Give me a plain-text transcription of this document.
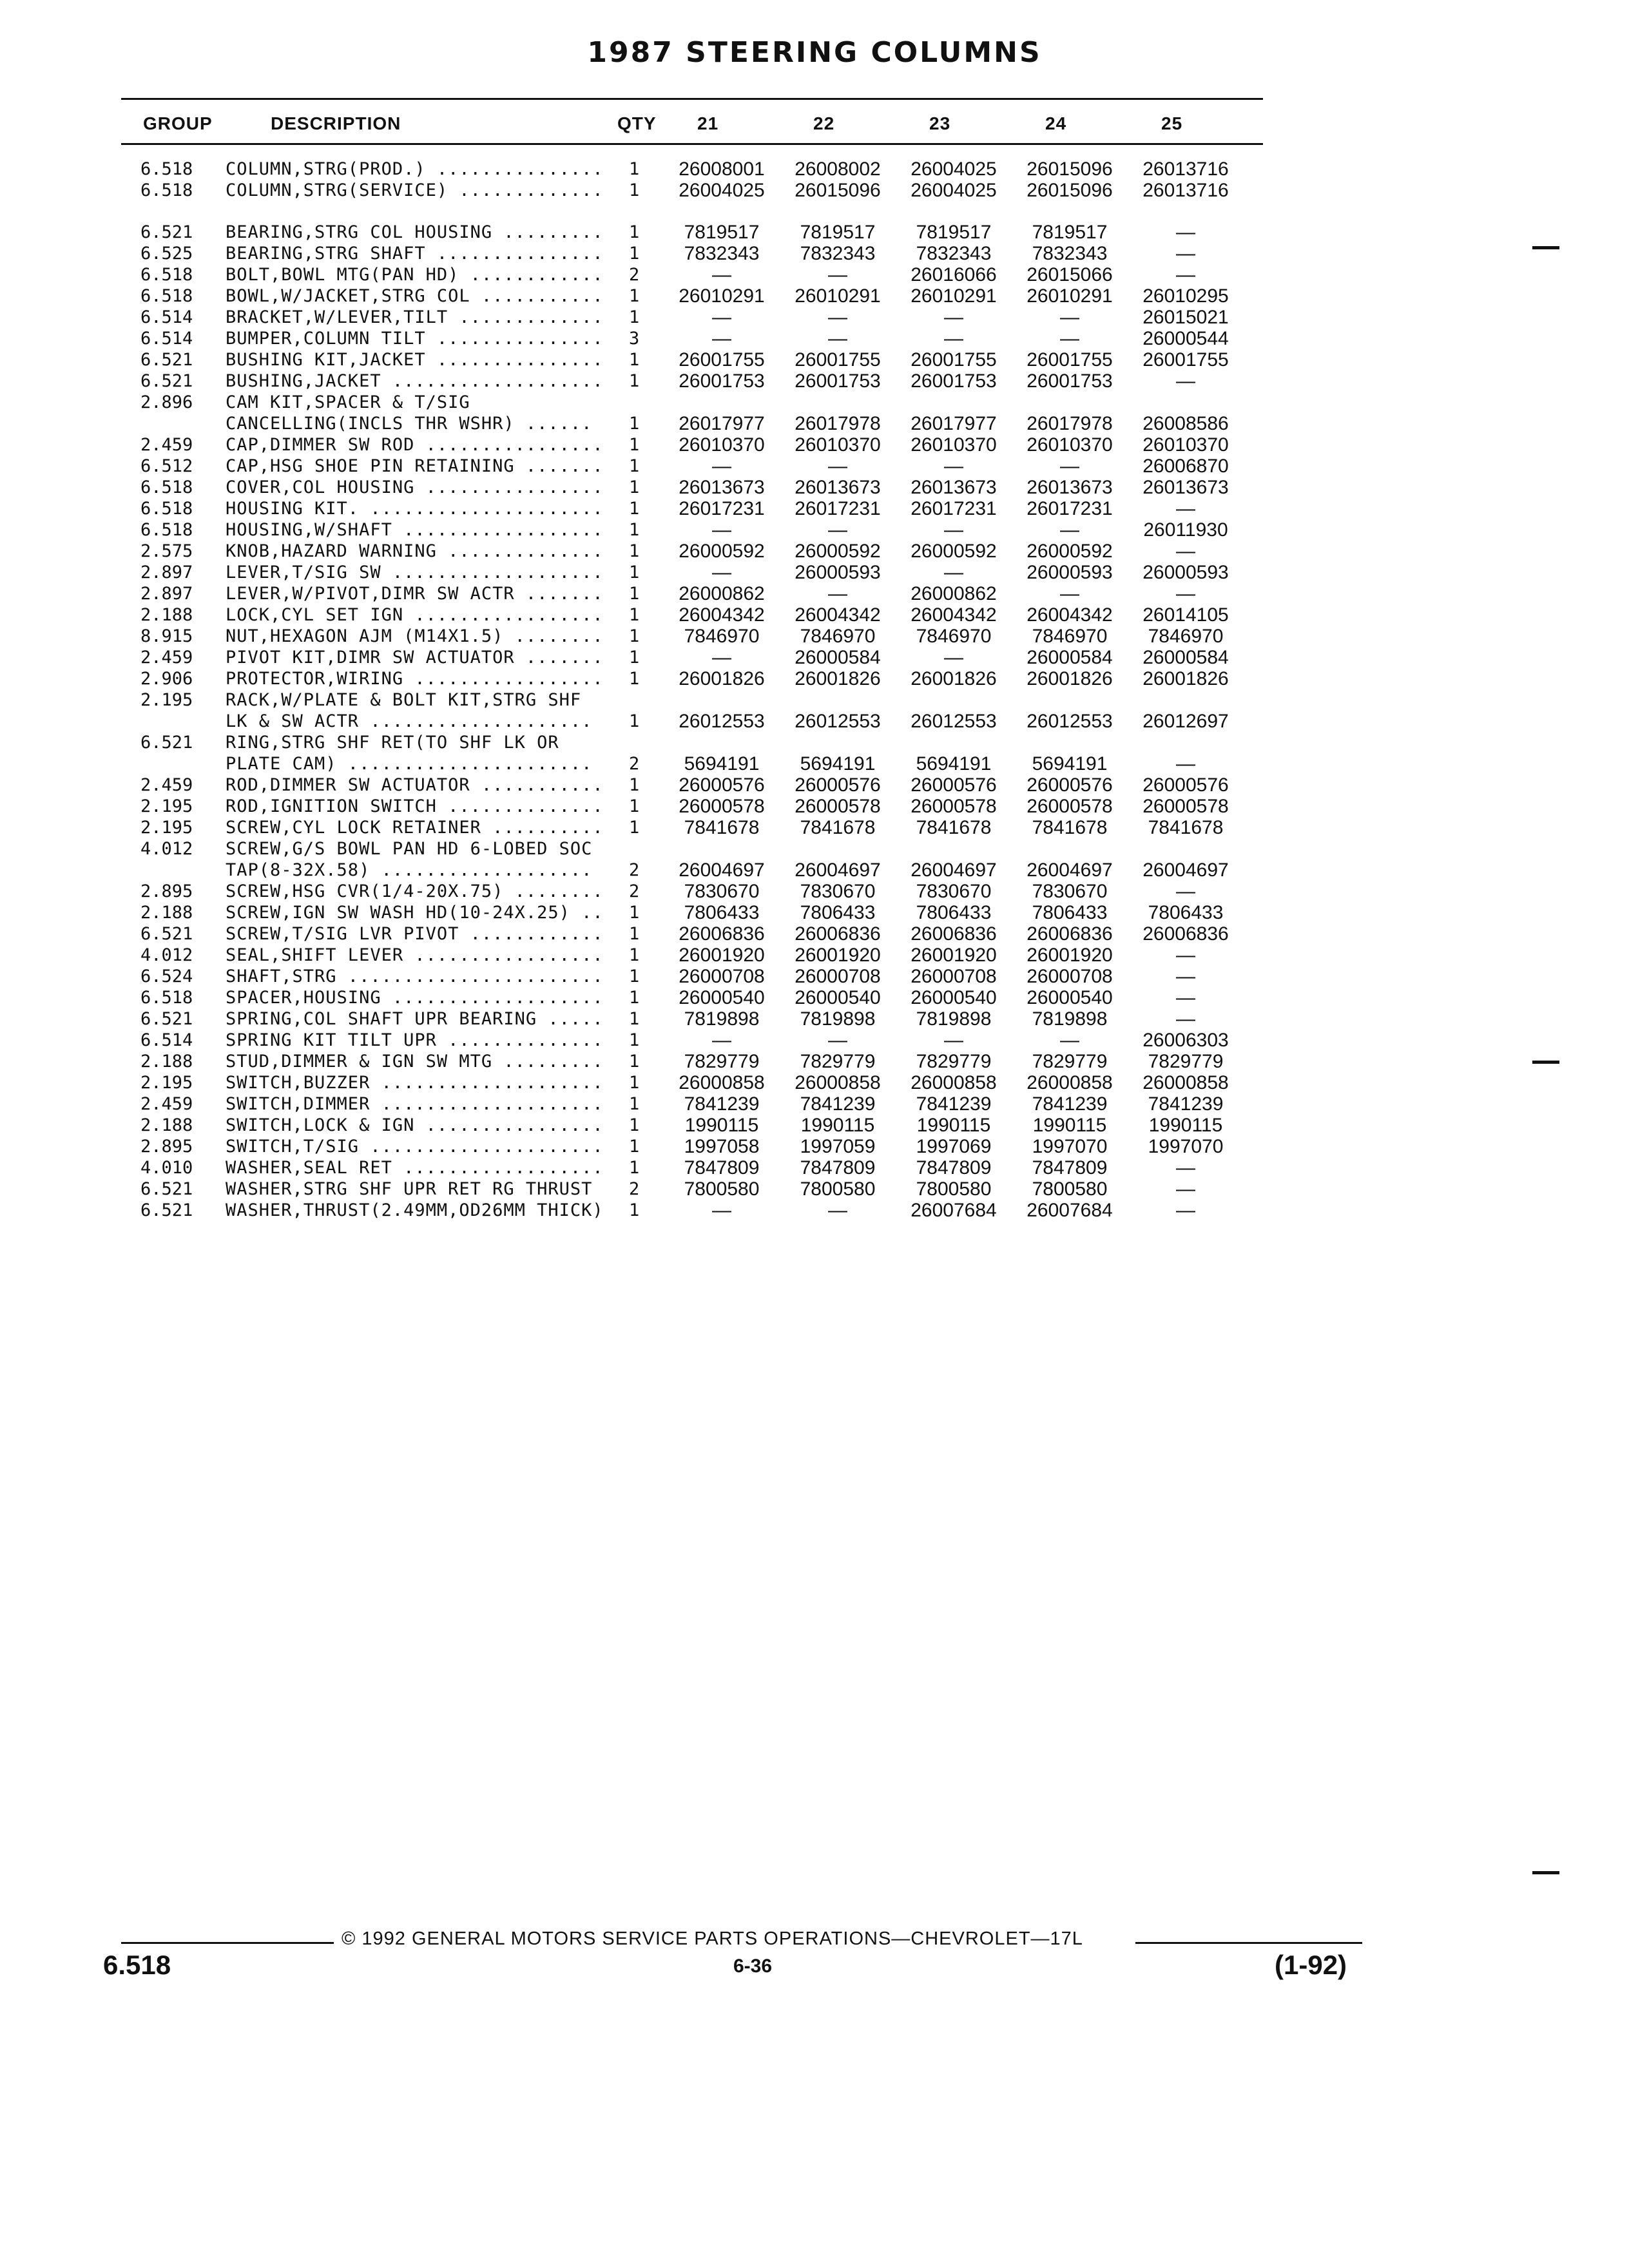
1987 STEERING COLUMNS
GROUP	DESCRIPTION	QTY 21	22	23	24	25
6.518 COLUMN,STRG(PROD.) ...............	1	26008001	26008002	26004025	26015096	26013716
6.518 COLUMN,STRG(SERVICE) .............	1	26004025	26015096	26004025	26015096	26013716
6.521 BEARING,STRG COL HOUSING .........	1	7819517	7819517	7819517	7819517	—
6.525 BEARING,STRG SHAFT ...............	1	7832343	7832343	7832343	7832343	—
6.518 BOLT,BOWL MTG(PAN HD) ............	2	—	—	26016066	26015066	—
6.518 BOWL,W/JACKET,STRG COL ...........	1	26010291	26010291	26010291	26010291	26010295
6.514 BRACKET,W/LEVER,TILT .............	1	—	—	—	—	26015021
6.514 BUMPER,COLUMN TILT ...............	3	—	—	—	—	26000544
6.521 BUSHING KIT,JACKET ...............	1	26001755	26001755	26001755	26001755	26001755
6.521 BUSHING,JACKET ...................	1	26001753	26001753	26001753	26001753	—
2.896 CAM KIT,SPACER & T/SIG
CANCELLING(INCLS THR WSHR) ......	1	26017977	26017978	26017977	26017978	26008586
2.459 CAP,DIMMER SW ROD ................	1	26010370	26010370	26010370	26010370	26010370
6.512 CAP,HSG SHOE PIN RETAINING .......	1	—	—	—	—	26006870
6.518 COVER,COL HOUSING ................	1	26013673	26013673	26013673	26013673	26013673
6.518 HOUSING KIT. .....................	1	26017231	26017231	26017231	26017231	—
6.518 HOUSING,W/SHAFT ..................	1	—	—	—	—	26011930
2.575 KNOB,HAZARD WARNING ..............	1	26000592	26000592	26000592	26000592	—
2.897 LEVER,T/SIG SW ...................	1	—	26000593	—	26000593	26000593
2.897 LEVER,W/PIVOT,DIMR SW ACTR .......	1	26000862	—	26000862	—	—
2.188 LOCK,CYL SET IGN .................	1	26004342	26004342	26004342	26004342	26014105
8.915 NUT,HEXAGON AJM (M14X1.5) ........	1	7846970	7846970	7846970	7846970	7846970
2.459 PIVOT KIT,DIMR SW ACTUATOR .......	1	—	26000584	—	26000584	26000584
2.906 PROTECTOR,WIRING .................	1	26001826	26001826	26001826	26001826	26001826
2.195 RACK,W/PLATE & BOLT KIT,STRG SHF
LK & SW ACTR ....................	1	26012553	26012553	26012553	26012553	26012697
6.521 RING,STRG SHF RET(TO SHF LK OR
PLATE CAM) ......................	2	5694191	5694191	5694191	5694191	—
2.459 ROD,DIMMER SW ACTUATOR ...........	1	26000576	26000576	26000576	26000576	26000576
2.195 ROD,IGNITION SWITCH ..............	1	26000578	26000578	26000578	26000578	26000578
2.195 SCREW,CYL LOCK RETAINER ..........	1	7841678	7841678	7841678	7841678	7841678
4.012 SCREW,G/S BOWL PAN HD 6-LOBED SOC
TAP(8-32X.58) ...................	2	26004697	26004697	26004697	26004697	26004697
2.895 SCREW,HSG CVR(1/4-20X.75) ........	2	7830670	7830670	7830670	7830670	—
2.188 SCREW,IGN SW WASH HD(10-24X.25) ..	1	7806433	7806433	7806433	7806433	7806433
6.521 SCREW,T/SIG LVR PIVOT ............	1	26006836	26006836	26006836	26006836	26006836
4.012 SEAL,SHIFT LEVER .................	1	26001920	26001920	26001920	26001920	—
6.524 SHAFT,STRG .......................	1	26000708	26000708	26000708	26000708	—
6.518 SPACER,HOUSING ...................	1	26000540	26000540	26000540	26000540	—
6.521 SPRING,COL SHAFT UPR BEARING .....	1	7819898	7819898	7819898	7819898	—
6.514 SPRING KIT TILT UPR ..............	1	—	—	—	—	26006303
2.188 STUD,DIMMER & IGN SW MTG .........	1	7829779	7829779	7829779	7829779	7829779
2.195 SWITCH,BUZZER ....................	1	26000858	26000858	26000858	26000858	26000858
2.459 SWITCH,DIMMER ....................	1	7841239	7841239	7841239	7841239	7841239
2.188 SWITCH,LOCK & IGN ................	1	1990115	1990115	1990115	1990115	1990115
2.895 SWITCH,T/SIG .....................	1	1997058	1997059	1997069	1997070	1997070
4.010 WASHER,SEAL RET ..................	1	7847809	7847809	7847809	7847809	—
6.521 WASHER,STRG SHF UPR RET RG THRUST	2	7800580	7800580	7800580	7800580	—
6.521 WASHER,THRUST(2.49MM,OD26MM THICK)	1	—	—	26007684	26007684	—
© 1992 GENERAL MOTORS SERVICE PARTS OPERATIONS—CHEVROLET—17L
6.518	6-36	(1-92)
